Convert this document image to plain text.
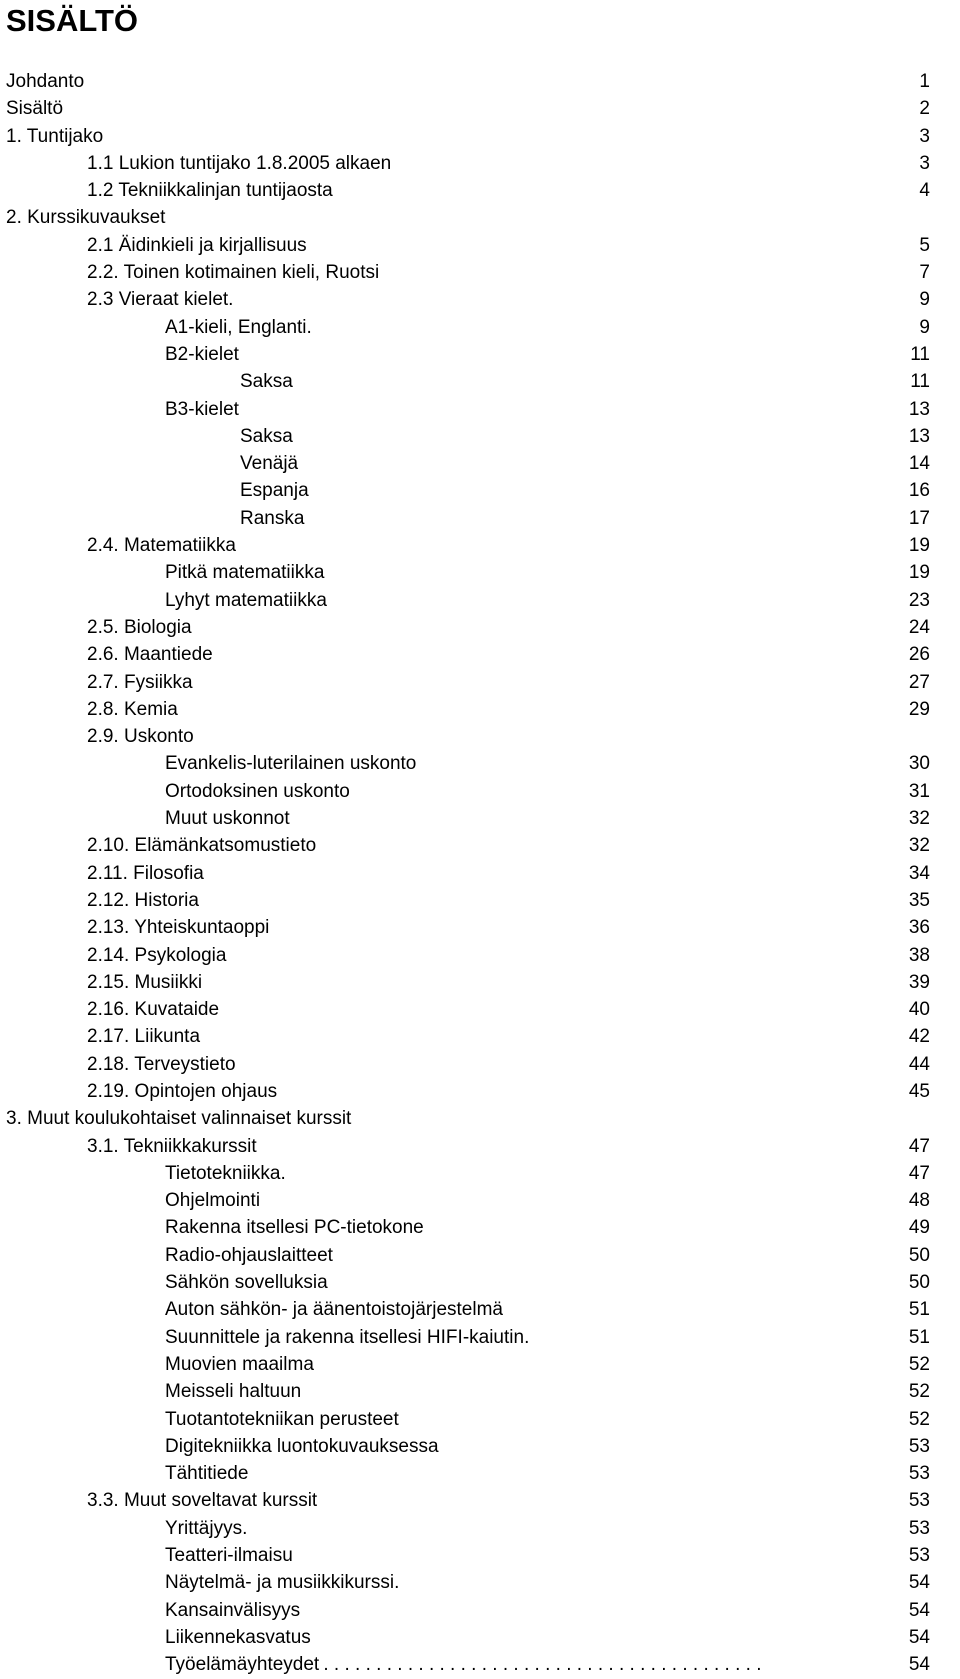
SISÄLTÖ
Johdanto . . .	1
Sisältö . . .	2
1. Tuntijako . . .	3
1.1 Lukion tuntijako 1.8.2005 alkaen . . .	3
1.2 Tekniikkalinjan tuntijaosta . . .	4
2. Kurssikuvaukset
2.1 Äidinkieli ja kirjallisuus . . .	5
2.2. Toinen kotimainen kieli, Ruotsi . . .	7
2.3 Vieraat kielet. . . .	9
A1-kieli, Englanti. . . .	9
B2-kielet . . .	11
Saksa . . .	11
B3-kielet . . .	13
Saksa . . .	13
Venäjä . . .	14
Espanja . . .	16
Ranska . . .	17
2.4. Matematiikka . . .	19
Pitkä matematiikka . . .	19
Lyhyt matematiikka . . .	23
2.5. Biologia . . .	24
2.6. Maantiede . . .	26
2.7. Fysiikka . . .	27
2.8. Kemia . . .	29
2.9. Uskonto
Evankelis-luterilainen uskonto . . .	30
Ortodoksinen uskonto . . .	31
Muut uskonnot . . .	32
2.10. Elämänkatsomustieto . . .	32
2.11. Filosofia . . .	34
2.12. Historia . . .	35
2.13. Yhteiskuntaoppi . . .	36
2.14. Psykologia . . .	38
2.15. Musiikki . . .	39
2.16. Kuvataide . . .	40
2.17. Liikunta . . .	42
2.18. Terveystieto . . .	44
2.19. Opintojen ohjaus . . .	45
3. Muut koulukohtaiset valinnaiset kurssit
3.1. Tekniikkakurssit . . .	47
Tietotekniikka. . . .	47
Ohjelmointi . . .	48
Rakenna itsellesi PC-tietokone . . .	49
Radio-ohjauslaitteet . . .	50
Sähkön sovelluksia . . .	50
Auton sähkön- ja äänentoistojärjestelmä . . .	51
Suunnittele ja rakenna itsellesi HIFI-kaiutin. . . .	51
Muovien maailma . . .	52
Meisseli haltuun . . .	52
Tuotantotekniikan perusteet . . .	52
Digitekniikka luontokuvauksessa . . .	53
Tähtitiede . . .	53
3.3. Muut soveltavat kurssit . . .	53
Yrittäjyys. . . .	53
Teatteri-ilmaisu . . .	53
Näytelmä- ja musiikkikurssi. . . .	54
Kansainvälisyys . . .	54
Liikennekasvatus . . .	54
Työelämäyhteydet . . .	54
